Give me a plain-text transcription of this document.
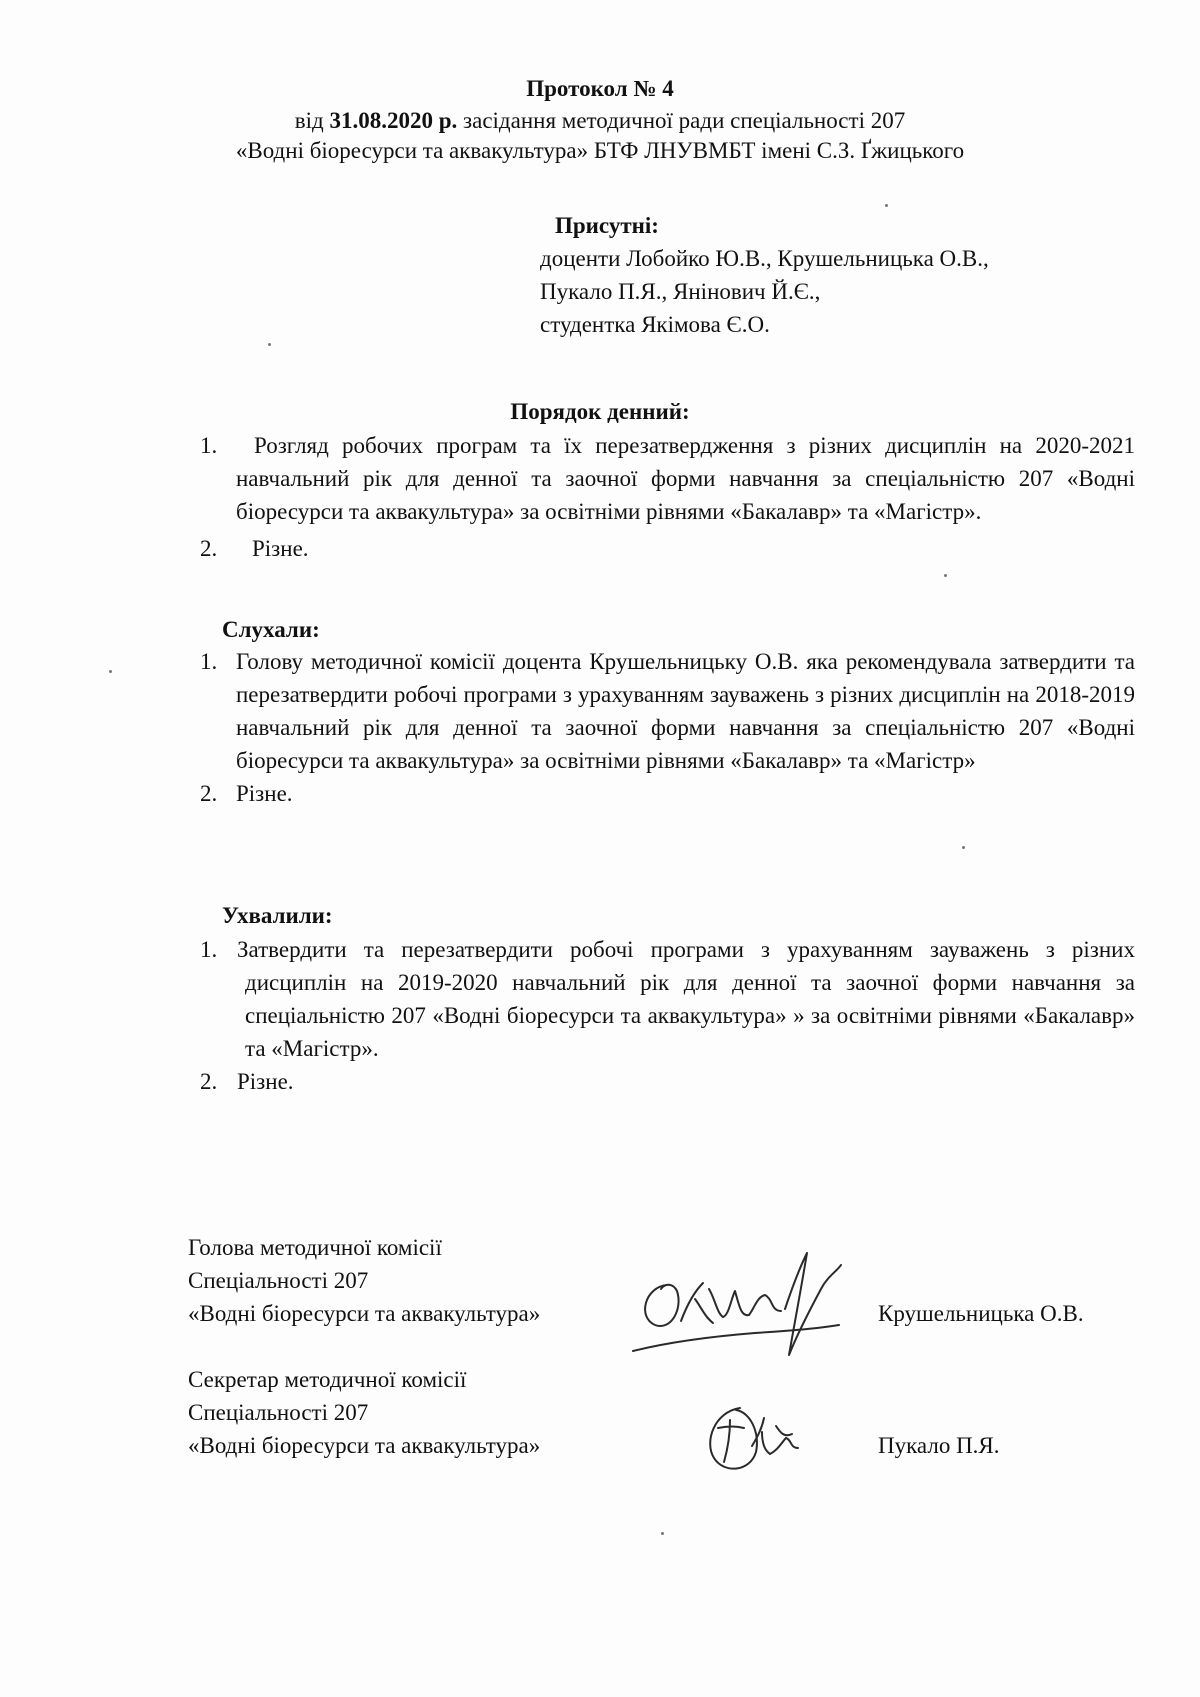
Протокол № 4
від 31.08.2020 р. засідання методичної ради спеціальності 207
«Водні біоресурси та аквакультура» БТФ ЛНУВМБТ імені С.З. Ґжицького
Присутні:
доценти Лобойко Ю.В., Крушельницька О.В.,
Пукало П.Я., Янінович Й.Є.,
студентка Якімова Є.О.
Порядок денний:
1.	Розгляд робочих програм та їх перезатвердження з різних дисциплін на 2020-2021 навчальний рік для денної та заочної форми навчання за спеціальністю 207 «Водні біоресурси та аквакультура» за освітніми рівнями «Бакалавр» та «Магістр».
2. Різне.
Слухали:
1. Голову методичної комісії доцента Крушельницьку О.В. яка рекомендувала затвердити та перезатвердити робочі програми з урахуванням зауважень з різних дисциплін на 2018-2019 навчальний рік для денної та заочної форми навчання за спеціальністю 207 «Водні біоресурси та аквакультура» за освітніми рівнями «Бакалавр» та «Магістр»
2. Різне.
Ухвалили:
1. Затвердити та перезатвердити робочі програми з урахуванням зауважень з різних дисциплін на 2019-2020 навчальний рік для денної та заочної форми навчання за спеціальністю 207 «Водні біоресурси та аквакультура» » за освітніми рівнями «Бакалавр» та «Магістр».
2. Різне.
Голова методичної комісії
Спеціальності 207
«Водні біоресурси та аквакультура»	Крушельницька О.В.
Секретар методичної комісії
Спеціальності 207
«Водні біоресурси та аквакультура»	Пукало П.Я.
